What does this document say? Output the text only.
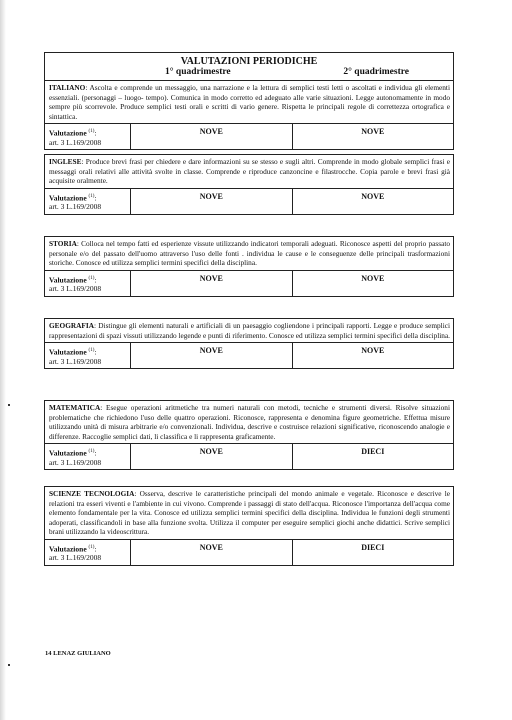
VALUTAZIONI PERIODICHE
1° quadrimestre	2° quadrimestre
ITALIANO: Ascolta e comprende un messaggio, una narrazione e la lettura di semplici testi letti o ascoltati e individua gli elementi essenziali. (personaggi – luogo- tempo). Comunica in modo corretto ed adeguato alle varie situazioni. Legge autonomamente in modo sempre più scorrevole. Produce semplici testi orali e scritti di vario genere. Rispetta le principali regole di correttezza ortografica e sintattica.
Valutazione $^{(1)}$:
art. 3 L.169/2008
NOVE	NOVE
INGLESE: Produce brevi frasi per chiedere e dare informazioni su se stesso e sugli altri. Comprende in modo globale semplici frasi e messaggi orali relativi alle attività svolte in classe. Comprende e riproduce canzoncine e filastrocche. Copia parole e brevi frasi già acquisite oralmente.
Valutazione $^{(1)}$:
art. 3 L.169/2008
NOVE	NOVE
STORIA: Colloca nel tempo fatti ed esperienze vissute utilizzando indicatori temporali adeguati. Riconosce aspetti del proprio passato personale e/o del passato dell'uomo attraverso l'uso delle fonti . individua le cause e le conseguenze delle principali trasformazioni storiche. Conosce ed utilizza semplici termini specifici della disciplina.
Valutazione $^{(1)}$:
art. 3 L.169/2008
NOVE	NOVE
GEOGRAFIA: Distingue gli elementi naturali e artificiali di un paesaggio cogliendone i principali rapporti. Legge e produce semplici rappresentazioni di spazi vissuti utilizzando legende e punti di riferimento. Conosce ed utilizza semplici termini specifici della disciplina.
Valutazione $^{(1)}$:
art. 3 L.169/2008
NOVE	NOVE
MATEMATICA: Esegue operazioni aritmetiche tra numeri naturali con metodi, tecniche e strumenti diversi. Risolve situazioni problematiche che richiedono l'uso delle quattro operazioni. Riconosce, rappresenta e denomina figure geometriche. Effettua misure utilizzando unità di misura arbitrarie e/o convenzionali. Individua, descrive e costruisce relazioni significative, riconoscendo analogie e differenze. Raccoglie semplici dati, li classifica e li rappresenta graficamente.
Valutazione $^{(1)}$:
art. 3 L.169/2008
NOVE	DIECI
SCIENZE TECNOLOGIA: Osserva, descrive le caratteristiche principali del mondo animale e vegetale. Riconosce e descrive le relazioni tra esseri viventi e l'ambiente in cui vivono. Comprende i passaggi di stato dell'acqua. Riconosce l'importanza dell'acqua come elemento fondamentale per la vita. Conosce ed utilizza semplici termini specifici della disciplina. Individua le funzioni degli strumenti adoperati, classificandoli in base alla funzione svolta. Utilizza il computer per eseguire semplici giochi anche didattici. Scrive semplici brani utilizzando la videoscrittura.
Valutazione $^{(1)}$:
art. 3 L.169/2008
NOVE	DIECI
14 LENAZ GIULIANO
